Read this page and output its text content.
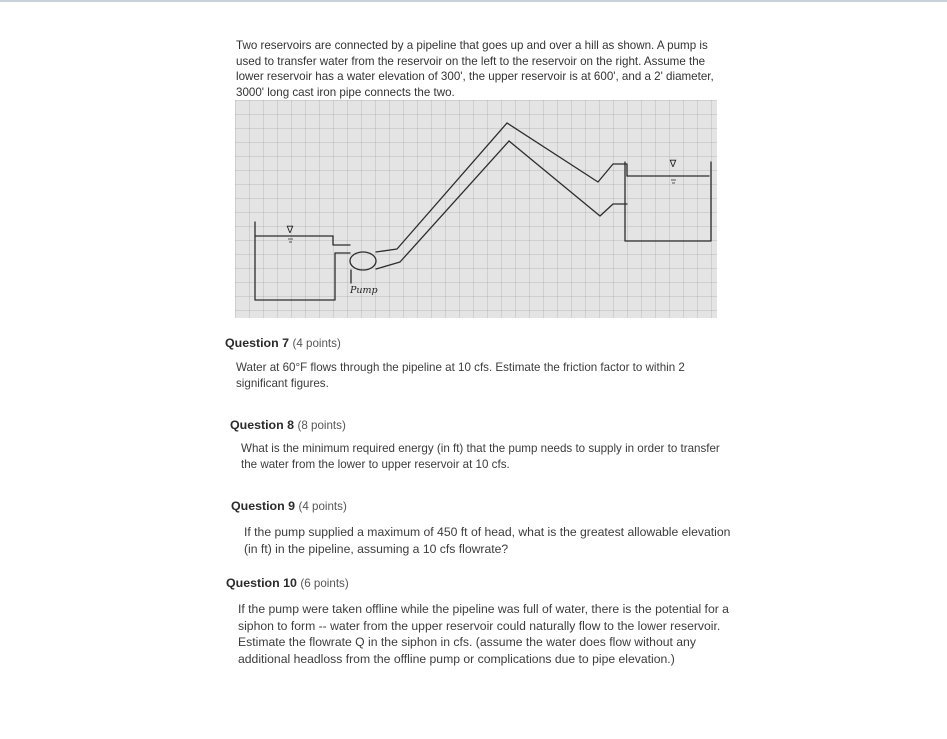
Two reservoirs are connected by a pipeline that goes up and over a hill as shown. A pump is used to transfer water from the reservoir on the left to the reservoir on the right. Assume the lower reservoir has a water elevation of 300', the upper reservoir is at 600', and a 2' diameter, 3000' long cast iron pipe connects the two.

∇
∇
Pump
Question 7 (4 points)

Water at 60°F flows through the pipeline at 10 cfs. Estimate the friction factor to within 2 significant figures.

Question 8 (8 points)

What is the minimum required energy (in ft) that the pump needs to supply in order to transfer the water from the lower to upper reservoir at 10 cfs.

Question 9 (4 points)

If the pump supplied a maximum of 450 ft of head, what is the greatest allowable elevation (in ft) in the pipeline, assuming a 10 cfs flowrate?

Question 10 (6 points)

If the pump were taken offline while the pipeline was full of water, there is the potential for a siphon to form -- water from the upper reservoir could naturally flow to the lower reservoir. Estimate the flowrate Q in the siphon in cfs. (assume the water does flow without any additional headloss from the offline pump or complications due to pipe elevation.)
